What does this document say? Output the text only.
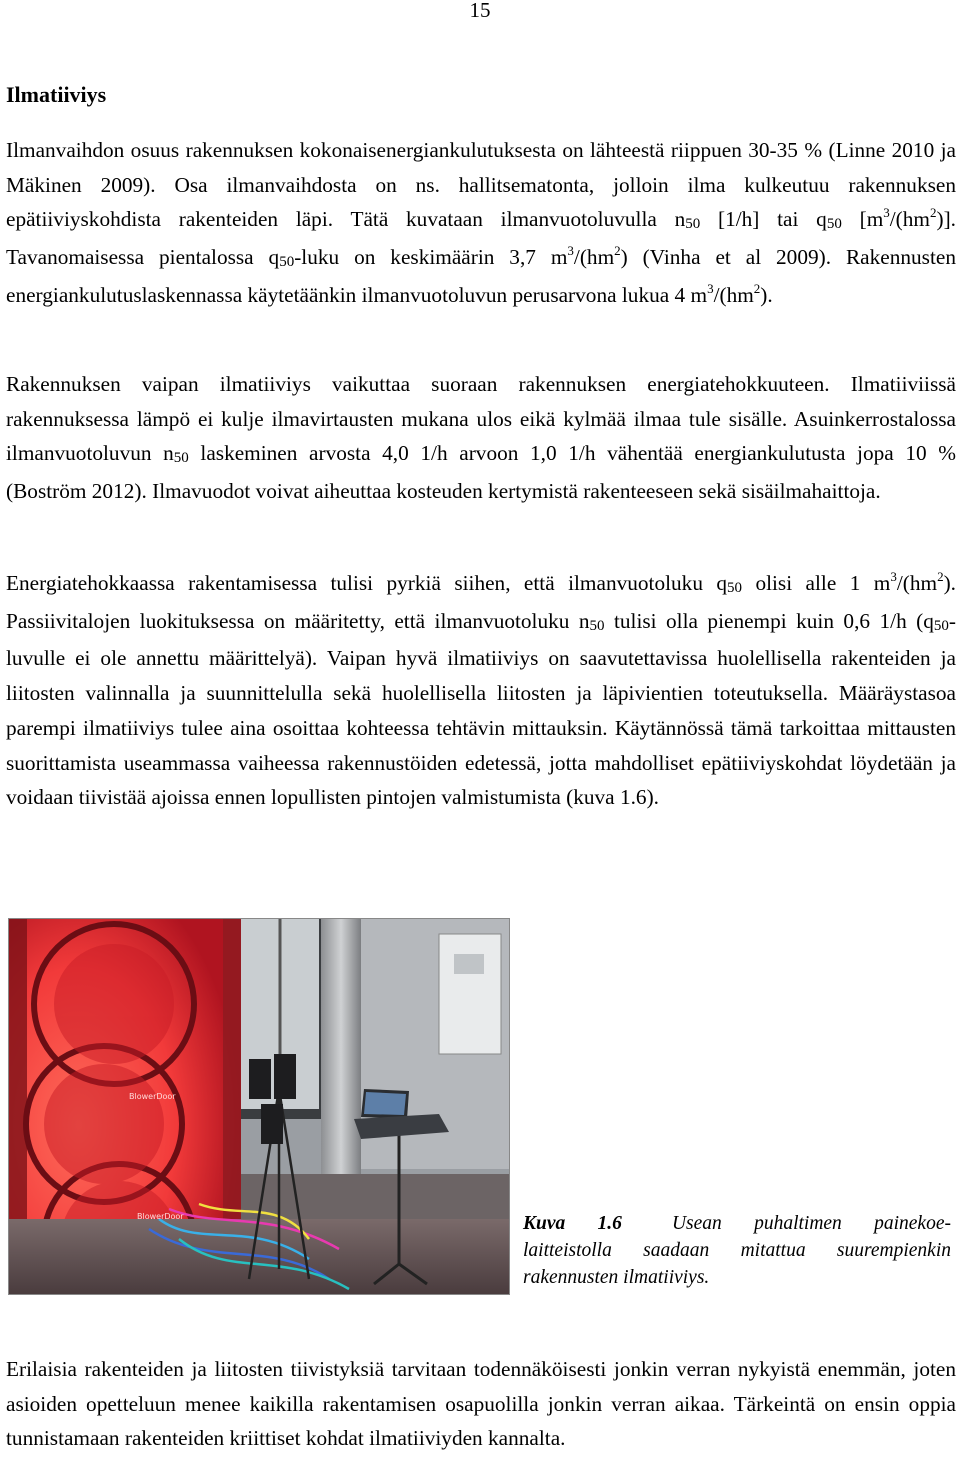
15
Ilmatiiviys

Ilmanvaihdon osuus rakennuksen kokonaisenergiankulutuksesta on lähteestä riippuen 30-35 % (Linne 2010 ja Mäkinen 2009). Osa ilmanvaihdosta on ns. hallitsematonta, jolloin ilma kulkeutuu rakennuksen epätiiviyskohdista rakenteiden läpi. Tätä kuvataan ilmanvuotoluvulla n50 [1/h] tai q50 $[m^3/(hm^2)]$. Tavanomaisessa pientalossa q50-luku on keskimäärin 3,7 $m^3/(hm^2)$ (Vinha et al 2009). Rakennusten energiankulutuslaskennassa käytetäänkin ilmanvuotoluvun perusarvona lukua 4 $m^3/(hm^2)$.

Rakennuksen vaipan ilmatiiviys vaikuttaa suoraan rakennuksen energiatehokkuuteen. Ilmatiiviissä rakennuksessa lämpö ei kulje ilmavirtausten mukana ulos eikä kylmää ilmaa tule sisälle. Asuinkerrostalossa ilmanvuotoluvun n50 laskeminen arvosta 4,0 1/h arvoon 1,0 1/h vähentää energiankulutusta jopa 10 % (Boström 2012). Ilmavuodot voivat aiheuttaa kosteuden kertymistä rakenteeseen sekä sisäilmahaittoja.

Energiatehokkaassa rakentamisessa tulisi pyrkiä siihen, että ilmanvuotoluku q50 olisi alle 1 $m^3/(hm^2)$. Passiivitalojen luokituksessa on määritetty, että ilmanvuotoluku n50 tulisi olla pienempi kuin 0,6 1/h (q50-luvulle ei ole annettu määrittelyä). Vaipan hyvä ilmatiiviys on saavutettavissa huolellisella rakenteiden ja liitosten valinnalla ja suunnittelulla sekä huolellisella liitosten ja läpivientien toteutuksella. Määräystasoa parempi ilmatiiviys tulee aina osoittaa kohteessa tehtävin mittauksin. Käytännössä tämä tarkoittaa mittausten suorittamista useammassa vaiheessa rakennustöiden edetessä, jotta mahdolliset epätiiviyskohdat löydetään ja voidaan tiivistää ajoissa ennen lopullisten pintojen valmistumista (kuva 1.6).

BlowerDoor
BlowerDoor	Kuva 1.6	Usean puhaltimen painekoe-laitteistolla saadaan mitattua suurempienkin rakennusten ilmatiiviys.

Erilaisia rakenteiden ja liitosten tiivistyksiä tarvitaan todennäköisesti jonkin verran nykyistä enemmän, joten asioiden opetteluun menee kaikilla rakentamisen osapuolilla jonkin verran aikaa. Tärkeintä on ensin oppia tunnistamaan rakenteiden kriittiset kohdat ilmatiiviyden kannalta.
